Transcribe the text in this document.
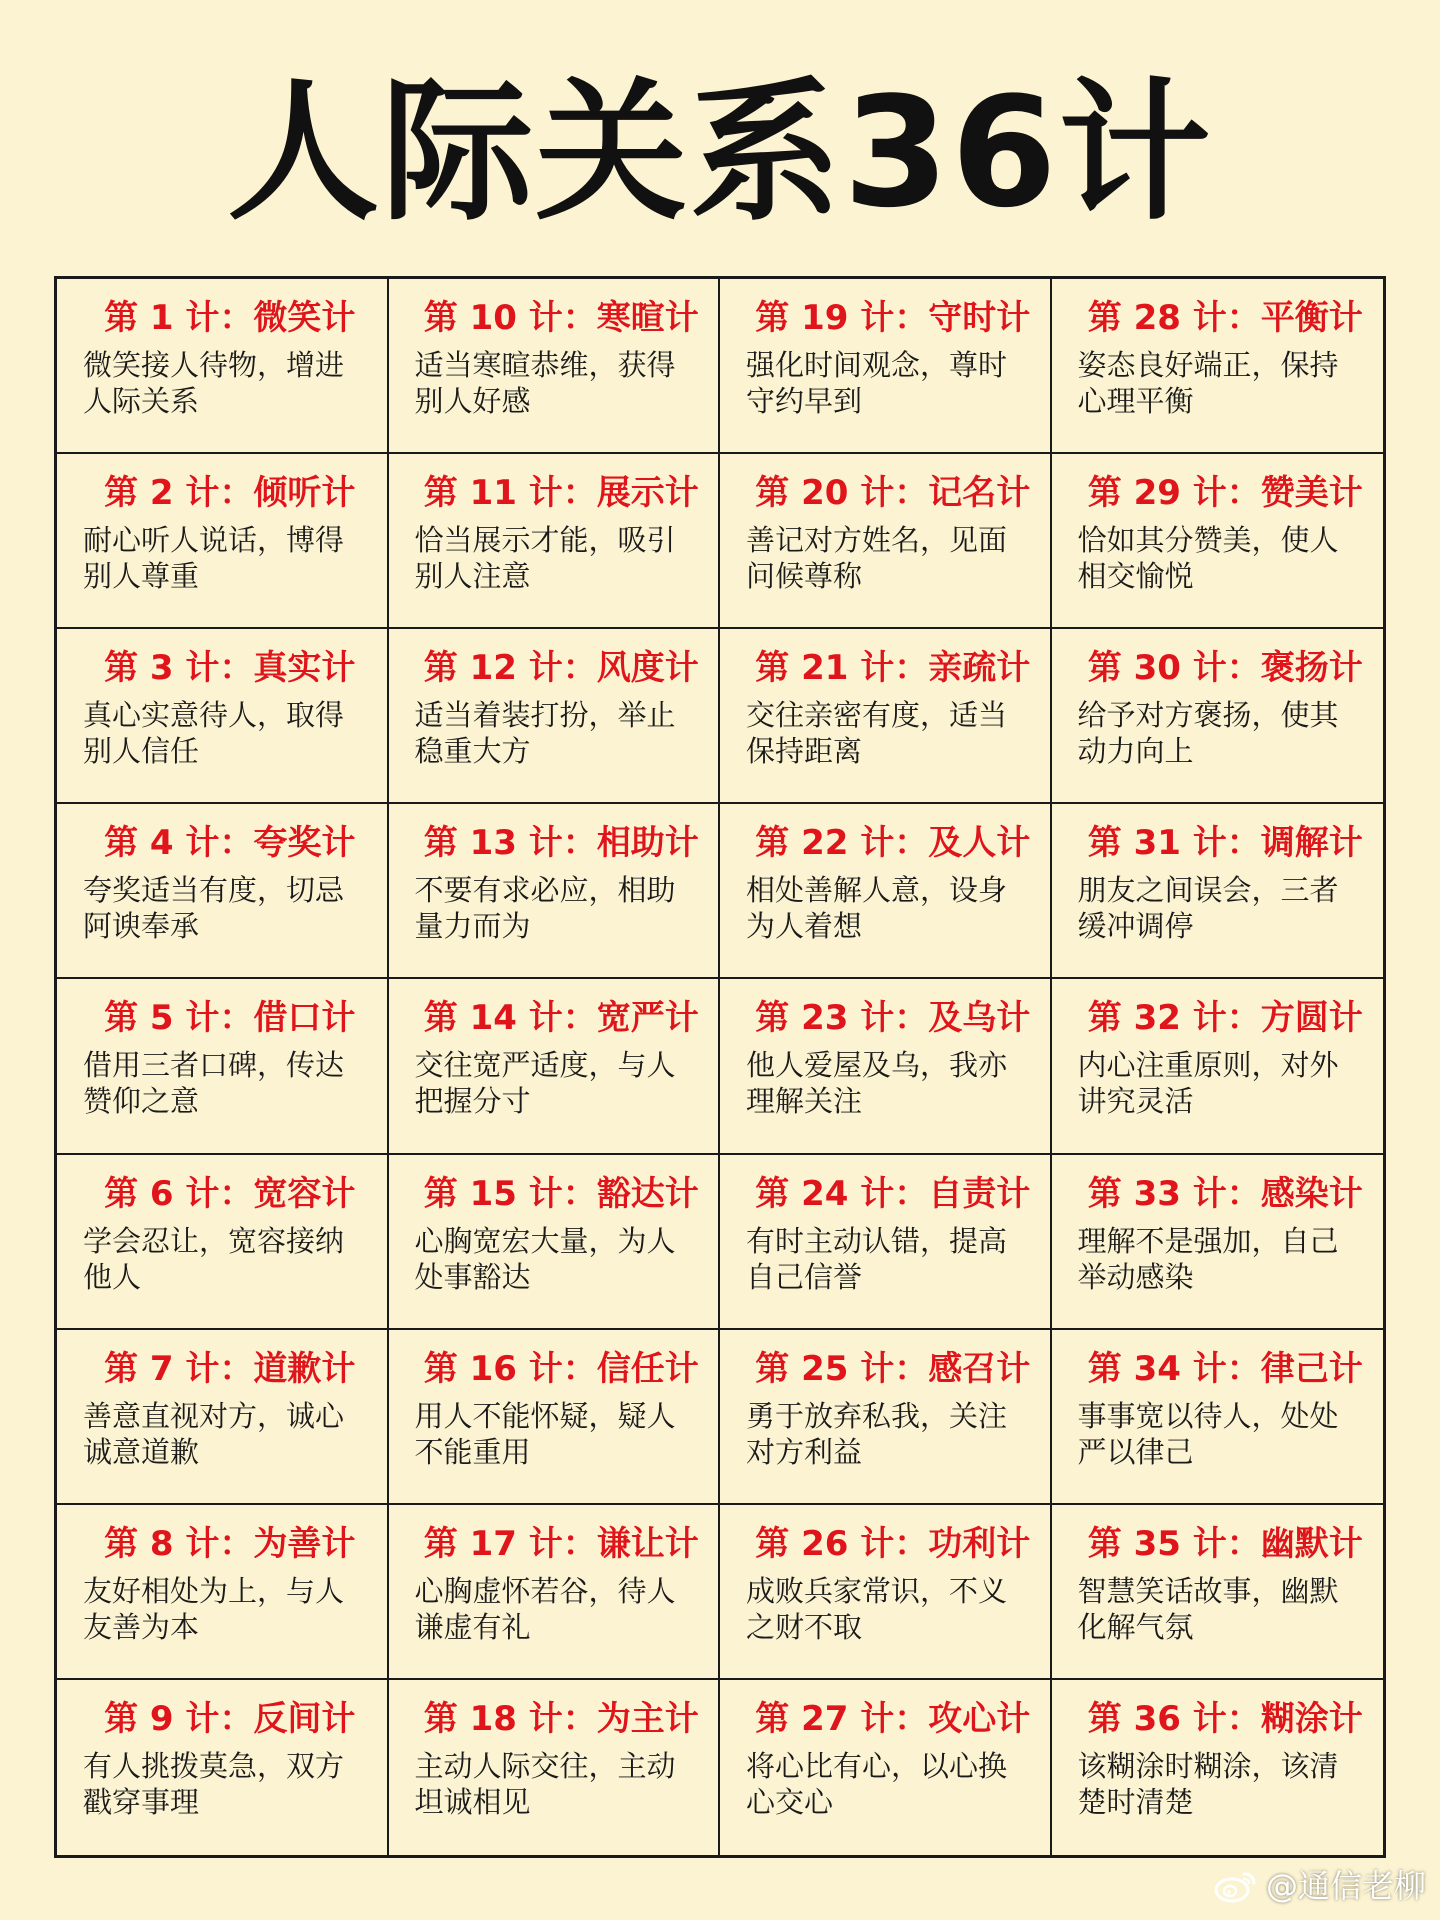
人际关系36计
第 1 计：微笑计
微笑接人待物，增进人际关系
第 10 计：寒暄计
适当寒暄恭维，获得别人好感
第 19 计：守时计
强化时间观念，尊时守约早到
第 28 计：平衡计
姿态良好端正，保持心理平衡
第 2 计：倾听计
耐心听人说话，博得别人尊重
第 11 计：展示计
恰当展示才能，吸引别人注意
第 20 计：记名计
善记对方姓名，见面问候尊称
第 29 计：赞美计
恰如其分赞美，使人相交愉悦
第 3 计：真实计
真心实意待人，取得别人信任
第 12 计：风度计
适当着装打扮，举止稳重大方
第 21 计：亲疏计
交往亲密有度，适当保持距离
第 30 计：褒扬计
给予对方褒扬，使其动力向上
第 4 计：夸奖计
夸奖适当有度，切忌阿谀奉承
第 13 计：相助计
不要有求必应，相助量力而为
第 22 计：及人计
相处善解人意，设身为人着想
第 31 计：调解计
朋友之间误会，三者缓冲调停
第 5 计：借口计
借用三者口碑，传达赞仰之意
第 14 计：宽严计
交往宽严适度，与人把握分寸
第 23 计：及乌计
他人爱屋及乌，我亦理解关注
第 32 计：方圆计
内心注重原则，对外讲究灵活
第 6 计：宽容计
学会忍让，宽容接纳他人
第 15 计：豁达计
心胸宽宏大量，为人处事豁达
第 24 计：自责计
有时主动认错，提高自己信誉
第 33 计：感染计
理解不是强加，自己举动感染
第 7 计：道歉计
善意直视对方，诚心诚意道歉
第 16 计：信任计
用人不能怀疑，疑人不能重用
第 25 计：感召计
勇于放弃私我，关注对方利益
第 34 计：律己计
事事宽以待人，处处严以律己
第 8 计：为善计
友好相处为上，与人友善为本
第 17 计：谦让计
心胸虚怀若谷，待人谦虚有礼
第 26 计：功利计
成败兵家常识，不义之财不取
第 35 计：幽默计
智慧笑话故事，幽默化解气氛
第 9 计：反间计
有人挑拨莫急，双方戳穿事理
第 18 计：为主计
主动人际交往，主动坦诚相见
第 27 计：攻心计
将心比有心，以心换心交心
第 36 计：糊涂计
该糊涂时糊涂，该清楚时清楚
@通信老柳
